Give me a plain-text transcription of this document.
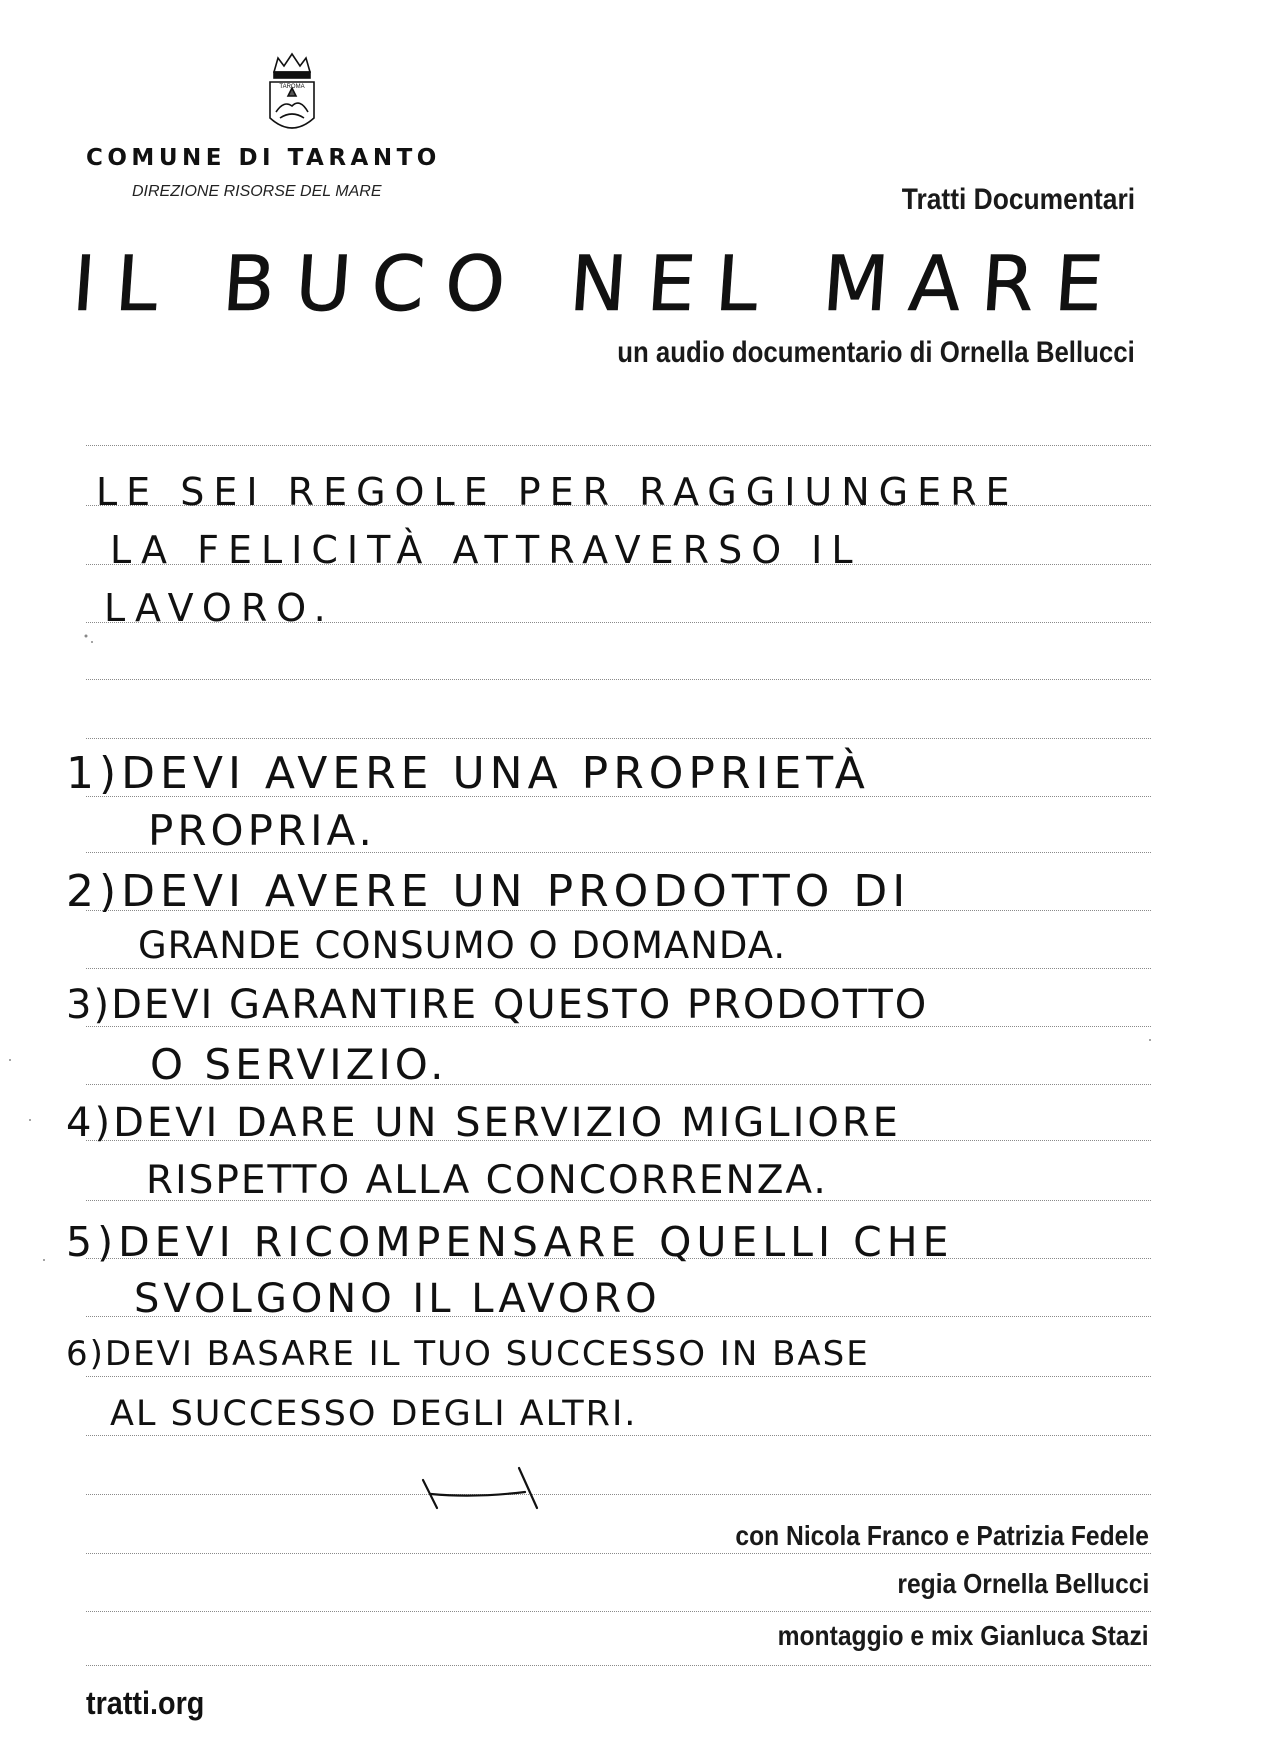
TAROMA
COMUNE DI TARANTO
DIREZIONE RISORSE DEL MARE	Tratti Documentari
IL BUCO NEL MARE
un audio documentario di Ornella Bellucci
LE SEI REGOLE PER RAGGIUNGERE
LA FELICITÀ ATTRAVERSO IL
LAVORO.
1)DEVI AVERE UNA PROPRIETÀ
PROPRIA.
2)DEVI AVERE UN PRODOTTO DI
GRANDE CONSUMO O DOMANDA.
3)DEVI GARANTIRE QUESTO PRODOTTO
O SERVIZIO.
4)DEVI DARE UN SERVIZIO MIGLIORE
RISPETTO ALLA CONCORRENZA.
5)DEVI RICOMPENSARE QUELLI CHE
SVOLGONO IL LAVORO
6)DEVI BASARE IL TUO SUCCESSO IN BASE
AL SUCCESSO DEGLI ALTRI.
con Nicola Franco e Patrizia Fedele
regia Ornella Bellucci
montaggio e mix Gianluca Stazi
tratti.org
